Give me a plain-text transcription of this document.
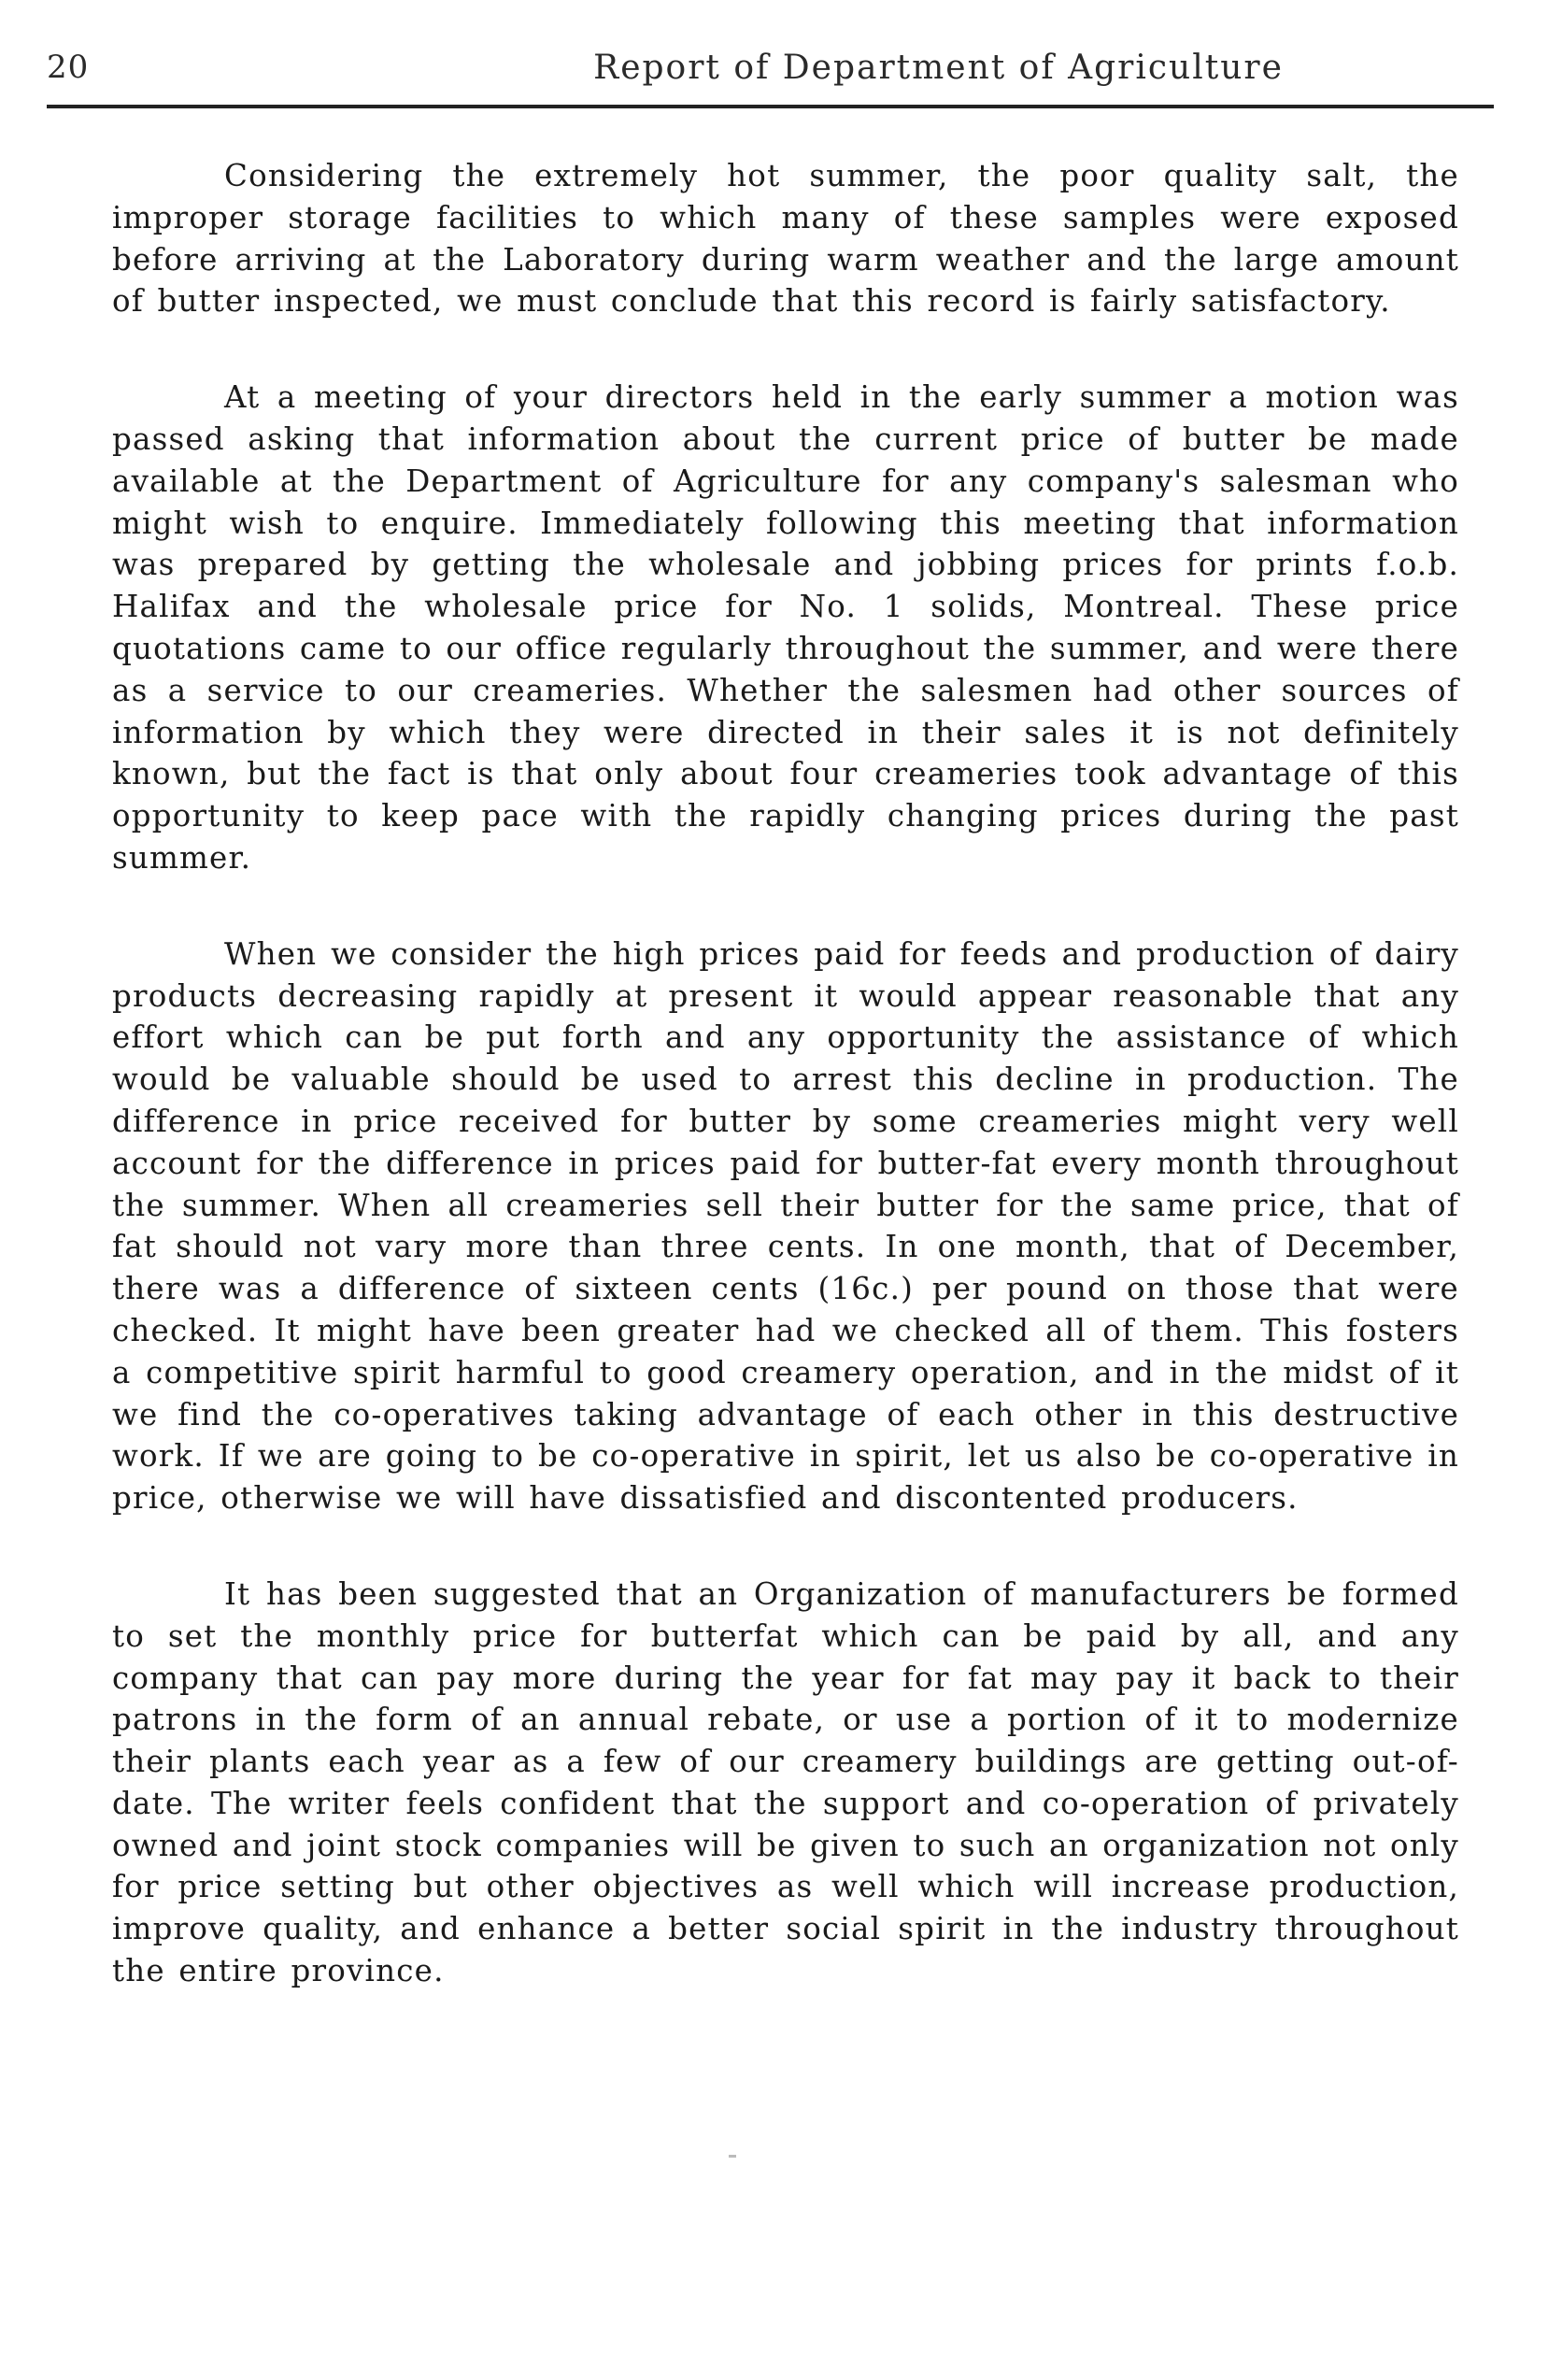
20	Report of Department of Agriculture

Considering the extremely hot summer, the poor quality salt, the improper storage facilities to which many of these samples were exposed before arriving at the Laboratory during warm weather and the large amount of butter inspected, we must conclude that this record is fairly satisfactory.

At a meeting of your directors held in the early summer a motion was passed asking that information about the current price of butter be made available at the Department of Agriculture for any company's salesman who might wish to enquire. Immediately following this meeting that information was prepared by getting the wholesale and jobbing prices for prints f.o.b. Halifax and the wholesale price for No. 1 solids, Montreal. These price quotations came to our office regularly throughout the summer, and were there as a service to our creameries. Whether the salesmen had other sources of information by which they were directed in their sales it is not definitely known, but the fact is that only about four creameries took advantage of this opportunity to keep pace with the rapidly changing prices during the past summer.

When we consider the high prices paid for feeds and production of dairy products decreasing rapidly at present it would appear reasonable that any effort which can be put forth and any opportunity the assistance of which would be valuable should be used to arrest this decline in production. The difference in price received for butter by some creameries might very well account for the difference in prices paid for butter-fat every month throughout the summer. When all creameries sell their butter for the same price, that of fat should not vary more than three cents. In one month, that of December, there was a difference of sixteen cents (16c.) per pound on those that were checked. It might have been greater had we checked all of them. This fosters a competitive spirit harmful to good creamery operation, and in the midst of it we find the co-operatives taking advantage of each other in this destructive work. If we are going to be co-operative in spirit, let us also be co-operative in price, otherwise we will have dissatisfied and discontented producers.

It has been suggested that an Organization of manufacturers be formed to set the monthly price for butterfat which can be paid by all, and any company that can pay more during the year for fat may pay it back to their patrons in the form of an annual rebate, or use a portion of it to modernize their plants each year as a few of our creamery buildings are getting out-of-date. The writer feels confident that the support and co-operation of privately owned and joint stock companies will be given to such an organization not only for price setting but other objectives as well which will increase production, improve quality, and enhance a better social spirit in the industry throughout the entire province.
